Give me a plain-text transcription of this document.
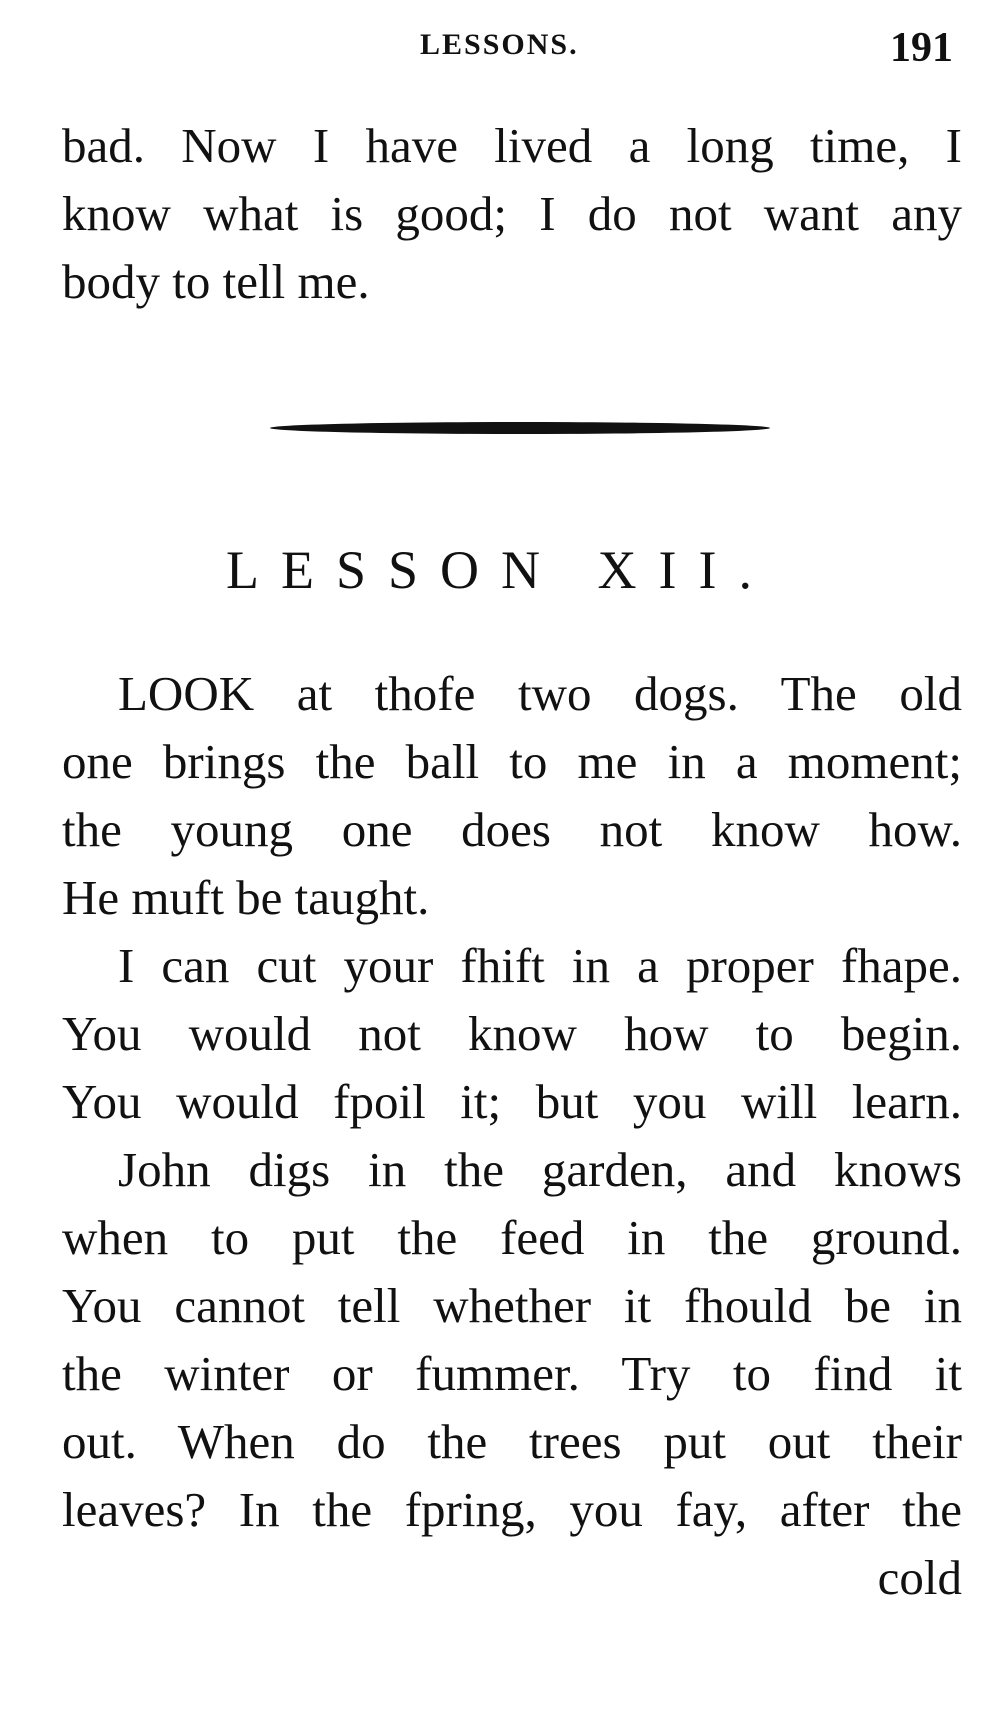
LESSONS.	191
bad. Now I have lived a long time, I
know what is good; I do not want any
body to tell me.
LESSON XII.
LOOK at thofe two dogs. The old
one brings the ball to me in a moment;
the young one does not know how.
He muft be taught.
I can cut your fhift in a proper fhape.
You would not know how to begin.
You would fpoil it; but you will learn.
John digs in the garden, and knows
when to put the feed in the ground.
You cannot tell whether it fhould be in
the winter or fummer. Try to find it
out. When do the trees put out their
leaves? In the fpring, you fay, after the
cold
